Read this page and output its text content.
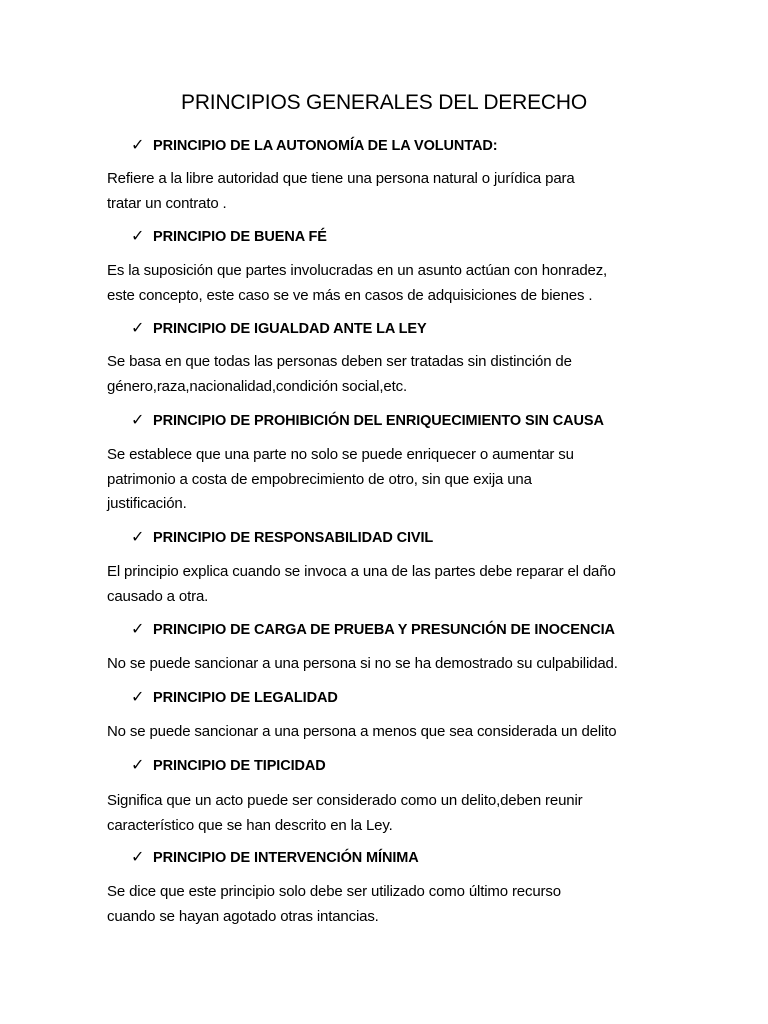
PRINCIPIOS GENERALES DEL DERECHO
✓ PRINCIPIO DE LA AUTONOMÍA DE LA VOLUNTAD:
Refiere a la libre autoridad que tiene una persona natural o jurídica para
tratar un contrato .
✓ PRINCIPIO DE BUENA FÉ
Es la suposición que partes involucradas en un asunto actúan con honradez,
este concepto, este caso se ve más en casos de adquisiciones de bienes .
✓ PRINCIPIO DE IGUALDAD ANTE LA LEY
Se basa en que todas las personas deben ser tratadas sin distinción de
género,raza,nacionalidad,condición social,etc.
✓ PRINCIPIO DE PROHIBICIÓN DEL ENRIQUECIMIENTO SIN CAUSA
Se establece que una parte no solo se puede enriquecer o aumentar su
patrimonio a costa de empobrecimiento de otro, sin que exija una
justificación.
✓ PRINCIPIO DE RESPONSABILIDAD CIVIL
El principio explica cuando se invoca a una de las partes debe reparar el daño
causado a otra.
✓ PRINCIPIO DE CARGA DE PRUEBA Y PRESUNCIÓN DE INOCENCIA
No se puede sancionar a una persona si no se ha demostrado su culpabilidad.
✓ PRINCIPIO DE LEGALIDAD
No se puede sancionar a una persona a menos que sea considerada un delito
✓ PRINCIPIO DE TIPICIDAD
Significa que un acto puede ser considerado como un delito,deben reunir
característico que se han descrito en la Ley.
✓ PRINCIPIO DE INTERVENCIÓN MÍNIMA
Se dice que este principio solo debe ser utilizado como último recurso
cuando se hayan agotado otras intancias.
